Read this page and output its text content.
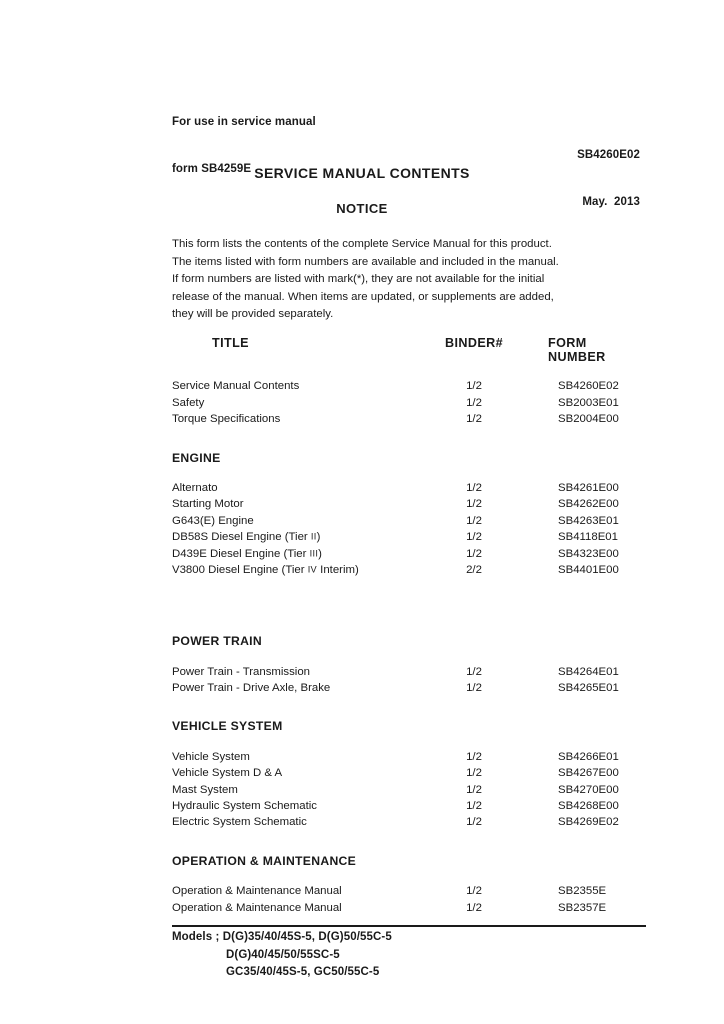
For use in service manual

form SB4259E

SB4260E02

May.  2013

SERVICE MANUAL CONTENTS
NOTICE
This form lists the contents of the complete Service Manual for this product.
The items listed with form numbers are available and included in the manual.
If form numbers are listed with mark(*), they are not available for the initial
release of the manual. When items are updated, or supplements are added,
they will be provided separately.
TITLE	BINDER#	FORM NUMBER
Service Manual Contents	1/2	SB4260E02
Safety	1/2	SB2003E01
Torque Specifications	1/2	SB2004E00
ENGINE
Alternato	1/2	SB4261E00
Starting Motor	1/2	SB4262E00
G643(E) Engine	1/2	SB4263E01
DB58S Diesel Engine (Tier II)	1/2	SB4118E01
D439E Diesel Engine (Tier III)	1/2	SB4323E00
V3800 Diesel Engine (Tier IV Interim)	2/2	SB4401E00
POWER TRAIN
Power Train - Transmission	1/2	SB4264E01
Power Train - Drive Axle, Brake	1/2	SB4265E01
VEHICLE SYSTEM
Vehicle System	1/2	SB4266E01
Vehicle System D & A	1/2	SB4267E00
Mast System	1/2	SB4270E00
Hydraulic System Schematic	1/2	SB4268E00
Electric System Schematic	1/2	SB4269E02
OPERATION & MAINTENANCE
Operation & Maintenance Manual	1/2	SB2355E
Operation & Maintenance Manual	1/2	SB2357E
Models ; D(G)35/40/45S-5, D(G)50/55C-5
D(G)40/45/50/55SC-5
GC35/40/45S-5, GC50/55C-5
